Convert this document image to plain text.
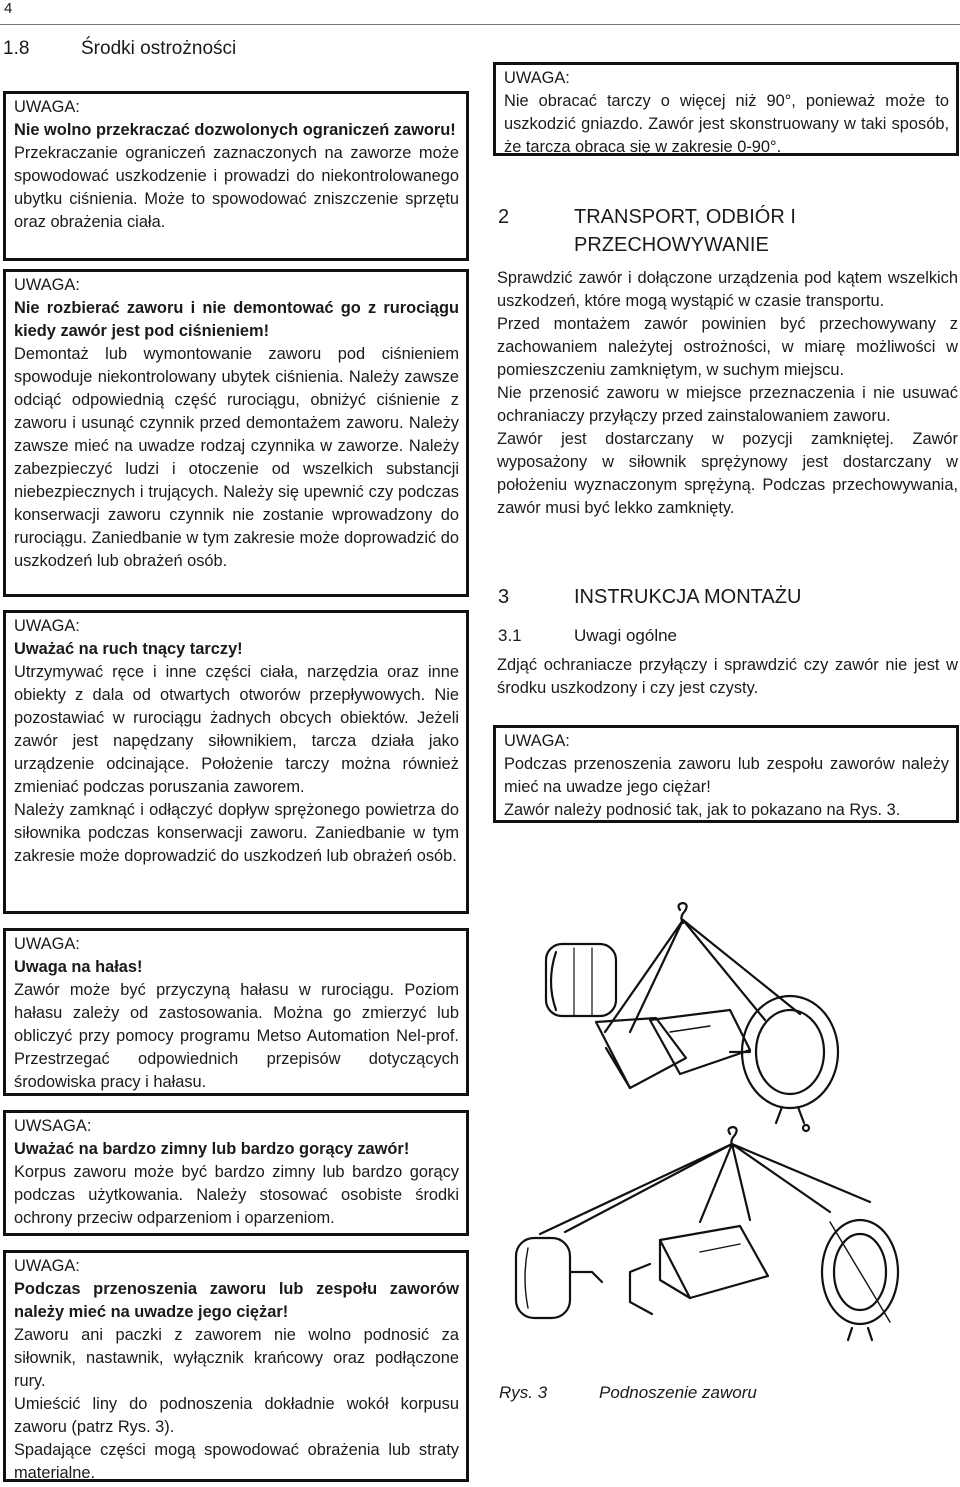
4
1.8	Środki ostrożności
UWAGA:

Nie wolno przekraczać dozwolonych ograniczeń zaworu!

Przekraczanie ograniczeń zaznaczonych na zaworze może spowodować uszkodzenie i prowadzi do niekontrolowanego ubytku ciśnienia. Może to spowodować zniszczenie sprzętu oraz obrażenia ciała.

UWAGA:

Nie rozbierać zaworu i nie demontować go z rurociągu kiedy zawór jest pod ciśnieniem!

Demontaż lub wymontowanie zaworu pod ciśnieniem spowoduje niekontrolowany ubytek ciśnienia. Należy zawsze odciąć odpowiednią część rurociągu, obniżyć ciśnienie z zaworu i usunąć czynnik przed demontażem zaworu. Należy zawsze mieć na uwadze rodzaj czynnika w zaworze. Należy zabezpieczyć ludzi i otoczenie od wszelkich substancji niebezpiecznych i trujących. Należy się upewnić czy podczas konserwacji zaworu czynnik nie zostanie wprowadzony do rurociągu. Zaniedbanie w tym zakresie może doprowadzić do uszkodzeń lub obrażeń osób.

UWAGA:

Uważać na ruch tnący tarczy!

Utrzymywać ręce i inne części ciała, narzędzia oraz inne obiekty z dala od otwartych otworów przepływowych. Nie pozostawiać w rurociągu żadnych obcych obiektów. Jeżeli zawór jest napędzany siłownikiem, tarcza działa jako urządzenie odcinające. Położenie tarczy można również zmieniać podczas poruszania zaworem.

Należy zamknąć i odłączyć dopływ sprężonego powietrza do siłownika podczas konserwacji zaworu. Zaniedbanie w tym zakresie może doprowadzić do uszkodzeń lub obrażeń osób.

UWAGA:

Uwaga na hałas!

Zawór może być przyczyną hałasu w rurociągu. Poziom hałasu zależy od zastosowania. Można go zmierzyć lub obliczyć przy pomocy programu Metso Automation Nel-prof. Przestrzegać odpowiednich przepisów dotyczących środowiska pracy i hałasu.

UWSAGA:

Uważać na bardzo zimny lub bardzo gorący zawór!

Korpus zaworu może być bardzo zimny lub bardzo gorący podczas użytkowania. Należy stosować osobiste środki ochrony przeciw odparzeniom i oparzeniom.

UWAGA:

Podczas przenoszenia zaworu lub zespołu zaworów należy mieć na uwadze jego ciężar!

Zaworu ani paczki z zaworem nie wolno podnosić za siłownik, nastawnik, wyłącznik krańcowy oraz podłączone rury.

Umieścić liny do podnoszenia dokładnie wokół korpusu zaworu (patrz Rys. 3).

Spadające części mogą spowodować obrażenia lub straty materialne.

UWAGA:

Nie obracać tarczy o więcej niż 90°, ponieważ może to uszkodzić gniazdo. Zawór jest skonstruowany w taki sposób, że tarcza obraca się w zakresie 0-90°.

2	TRANSPORT, ODBIÓR I
PRZECHOWYWANIE

Sprawdzić zawór i dołączone urządzenia pod kątem wszelkich uszkodzeń, które mogą wystąpić w czasie transportu.

Przed montażem zawór powinien być przechowywany z zachowaniem należytej ostrożności, w miarę możliwości w pomieszczeniu zamkniętym, w suchym miejscu.

Nie przenosić zaworu w miejsce przeznaczenia i nie usuwać ochraniaczy przyłączy przed zainstalowaniem zaworu.

Zawór jest dostarczany w pozycji zamkniętej. Zawór wyposażony w siłownik sprężynowy jest dostarczany w położeniu wyznaczonym sprężyną. Podczas przechowywania, zawór musi być lekko zamknięty.

3	INSTRUKCJA MONTAŻU
3.1	Uwagi ogólne

Zdjąć ochraniacze przyłączy i sprawdzić czy zawór nie jest w środku uszkodzony i czy jest czysty.

UWAGA:

Podczas przenoszenia zaworu lub zespołu zaworów należy mieć na uwadze jego ciężar!

Zawór należy podnosić tak, jak to pokazano na Rys. 3.

Rys. 3	Podnoszenie zaworu
